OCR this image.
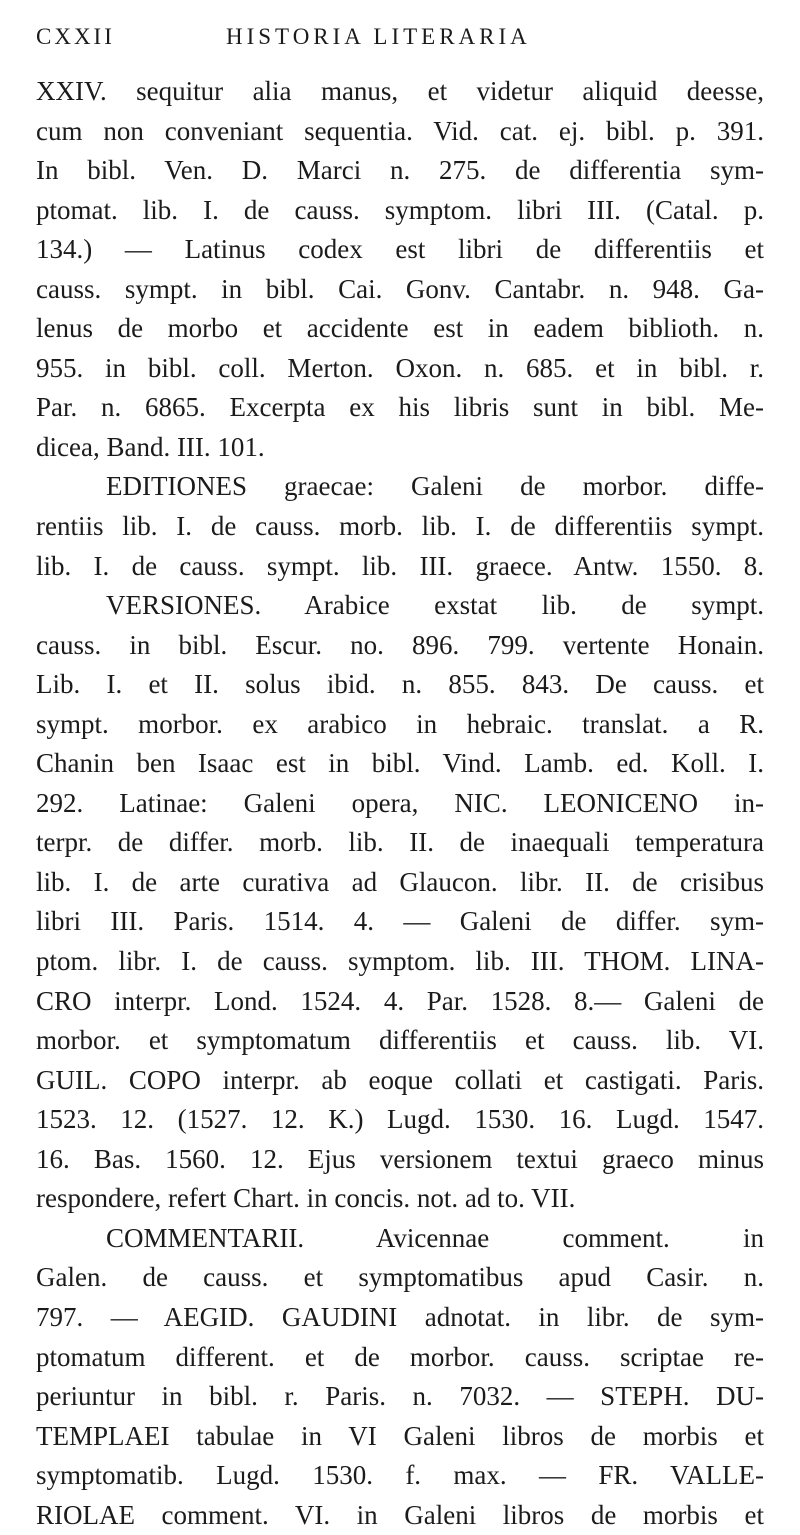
CXXII	HISTORIA LITERARIA
XXIV. sequitur alia manus, et videtur aliquid deesse,
cum non conveniant sequentia. Vid. cat. ej. bibl. p. 391.
In bibl. Ven. D. Marci n. 275. de differentia sym-
ptomat. lib. I. de causs. symptom. libri III. (Catal. p.
134.) — Latinus codex est libri de differentiis et
causs. sympt. in bibl. Cai. Gonv. Cantabr. n. 948. Ga-
lenus de morbo et accidente est in eadem biblioth. n.
955. in bibl. coll. Merton. Oxon. n. 685. et in bibl. r.
Par. n. 6865. Excerpta ex his libris sunt in bibl. Me-
dicea, Band. III. 101.
EDITIONES graecae: Galeni de morbor. diffe-
rentiis lib. I. de causs. morb. lib. I. de differentiis sympt.
lib. I. de causs. sympt. lib. III. graece. Antw. 1550. 8.
VERSIONES. Arabice exstat lib. de sympt.
causs. in bibl. Escur. no. 896. 799. vertente Honain.
Lib. I. et II. solus ibid. n. 855. 843. De causs. et
sympt. morbor. ex arabico in hebraic. translat. a R.
Chanin ben Isaac est in bibl. Vind. Lamb. ed. Koll. I.
292. Latinae: Galeni opera, NIC. LEONICENO in-
terpr. de differ. morb. lib. II. de inaequali temperatura
lib. I. de arte curativa ad Glaucon. libr. II. de crisibus
libri III. Paris. 1514. 4. — Galeni de differ. sym-
ptom. libr. I. de causs. symptom. lib. III. THOM. LINA-
CRO interpr. Lond. 1524. 4. Par. 1528. 8.— Galeni de
morbor. et symptomatum differentiis et causs. lib. VI.
GUIL. COPO interpr. ab eoque collati et castigati. Paris.
1523. 12. (1527. 12. K.) Lugd. 1530. 16. Lugd. 1547.
16. Bas. 1560. 12. Ejus versionem textui graeco minus
respondere, refert Chart. in concis. not. ad to. VII.
COMMENTARII. Avicennae comment. in
Galen. de causs. et symptomatibus apud Casir. n.
797. — AEGID. GAUDINI adnotat. in libr. de sym-
ptomatum different. et de morbor. causs. scriptae re-
periuntur in bibl. r. Paris. n. 7032. — STEPH. DU-
TEMPLAEI tabulae in VI Galeni libros de morbis et
symptomatib. Lugd. 1530. f. max. — FR. VALLE-
RIOLAE comment. VI. in Galeni libros de morbis et
